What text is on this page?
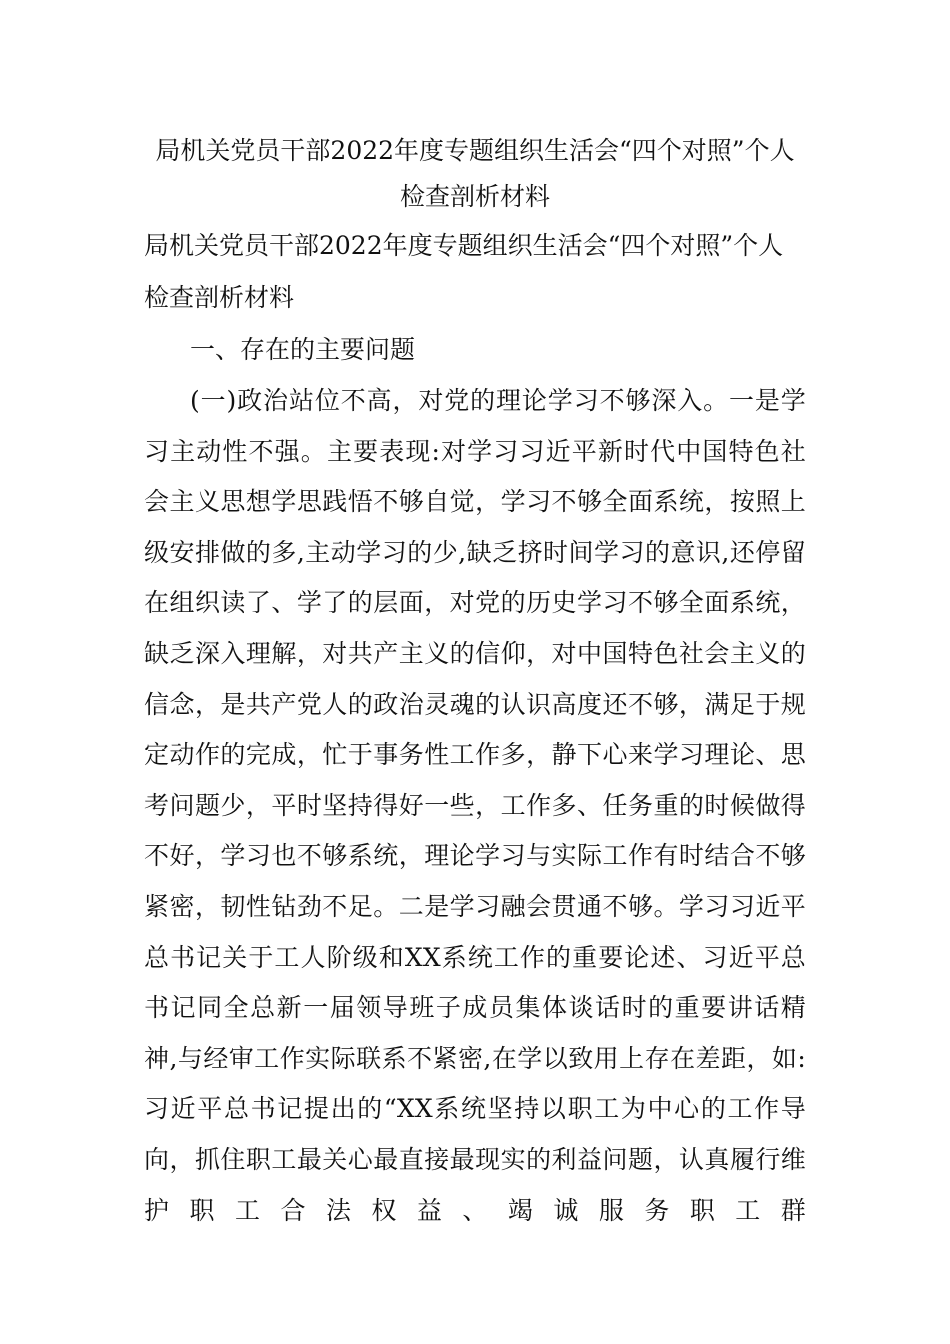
局机关党员干部2022年度专题组织生活会“四个对照”个人检查剖析材料

局机关党员干部2022年度专题组织生活会“四个对照”个人检查剖析材料

一、存在的主要问题

(一)政治站位不高，对党的理论学习不够深入。一是学习主动性不强。主要表现:对学习习近平新时代中国特色社会主义思想学思践悟不够自觉，学习不够全面系统，按照上级安排做的多,主动学习的少,缺乏挤时间学习的意识,还停留在组织读了、学了的层面，对党的历史学习不够全面系统，缺乏深入理解，对共产主义的信仰，对中国特色社会主义的信念，是共产党人的政治灵魂的认识高度还不够，满足于规定动作的完成，忙于事务性工作多，静下心来学习理论、思考问题少，平时坚持得好一些，工作多、任务重的时候做得不好，学习也不够系统，理论学习与实际工作有时结合不够紧密，韧性钻劲不足。二是学习融会贯通不够。学习习近平总书记关于工人阶级和XX系统工作的重要论述、习近平总书记同全总新一届领导班子成员集体谈话时的重要讲话精神,与经审工作实际联系不紧密,在学以致用上存在差距，如:习近平总书记提出的“XX系统坚持以职工为中心的工作导向，抓住职工最关心最直接最现实的利益问题，认真履行维护职工合法权益、竭诚服务职工群
